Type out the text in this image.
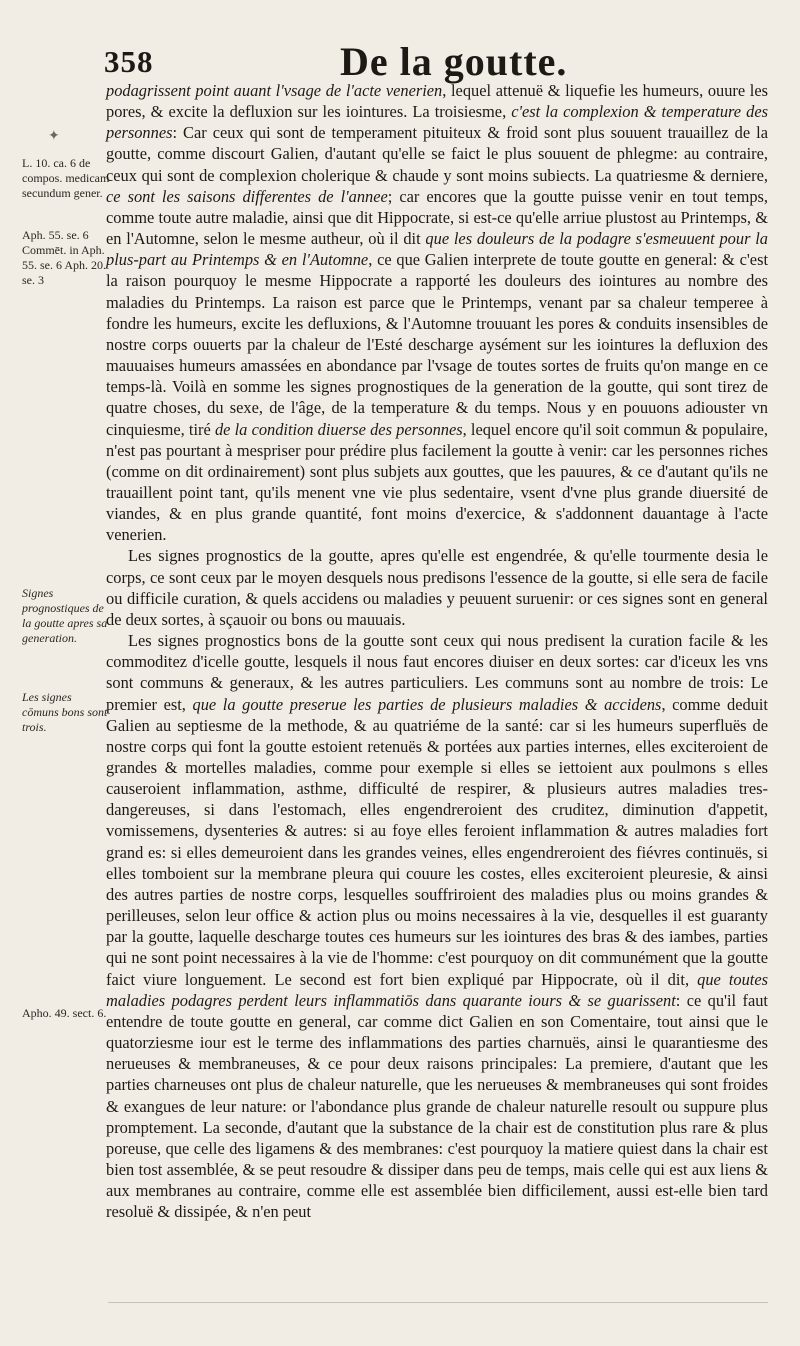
358	De la goutte.
✦
L. 10. ca. 6 de compos. medicam secundum gener.
Aph. 55. se. 6 Commēt. in Aph. 55. se. 6 Aph. 20. se. 3
Signes prognostiques de la goutte apres sa generation.
Les signes cōmuns bons sont trois.
Apho. 49. sect. 6.

podagrissent point auant l'vsage de l'acte venerien, lequel attenuë & liquefie les humeurs, ouure les pores, & excite la defluxion sur les iointures. La troisiesme, c'est la complexion & temperature des personnes: Car ceux qui sont de temperament pituiteux & froid sont plus souuent trauaillez de la goutte, comme discourt Galien, d'autant qu'elle se faict le plus souuent de phlegme: au contraire, ceux qui sont de complexion cholerique & chaude y sont moins subiects. La quatriesme & derniere, ce sont les saisons differentes de l'annee; car encores que la goutte puisse venir en tout temps, comme toute autre maladie, ainsi que dit Hippocrate, si est-ce qu'elle arriue plustost au Printemps, & en l'Automne, selon le mesme autheur, où il dit que les douleurs de la podagre s'esmeuuent pour la plus-part au Printemps & en l'Automne, ce que Galien interprete de toute goutte en general: & c'est la raison pourquoy le mesme Hippocrate a rapporté les douleurs des iointures au nombre des maladies du Printemps. La raison est parce que le Printemps, venant par sa chaleur temperee à fondre les humeurs, excite les defluxions, & l'Automne trouuant les pores & conduits insensibles de nostre corps ouuerts par la chaleur de l'Esté descharge aysément sur les iointures la defluxion des mauuaises humeurs amassées en abondance par l'vsage de toutes sortes de fruits qu'on mange en ce temps-là. Voilà en somme les signes prognostiques de la generation de la goutte, qui sont tirez de quatre choses, du sexe, de l'âge, de la temperature & du temps. Nous y en pouuons adiouster vn cinquiesme, tiré de la condition diuerse des personnes, lequel encore qu'il soit commun & populaire, n'est pas pourtant à mespriser pour prédire plus facilement la goutte à venir: car les personnes riches (comme on dit ordinairement) sont plus subjets aux gouttes, que les pauures, & ce d'autant qu'ils ne trauaillent point tant, qu'ils menent vne vie plus sedentaire, vsent d'vne plus grande diuersité de viandes, & en plus grande quantité, font moins d'exercice, & s'addonnent dauantage à l'acte venerien.

Les signes prognostics de la goutte, apres qu'elle est engendrée, & qu'elle tourmente desia le corps, ce sont ceux par le moyen desquels nous predisons l'essence de la goutte, si elle sera de facile ou difficile curation, & quels accidens ou maladies y peuuent suruenir: or ces signes sont en general de deux sortes, à sçauoir ou bons ou mauuais.

Les signes prognostics bons de la goutte sont ceux qui nous predisent la curation facile & les commoditez d'icelle goutte, lesquels il nous faut encores diuiser en deux sortes: car d'iceux les vns sont communs & generaux, & les autres particuliers. Les communs sont au nombre de trois: Le premier est, que la goutte preserue les parties de plusieurs maladies & accidens, comme deduit Galien au septiesme de la methode, & au quatriéme de la santé: car si les humeurs superfluës de nostre corps qui font la goutte estoient retenuës & portées aux parties internes, elles exciteroient de grandes & mortelles maladies, comme pour exemple si elles se iettoient aux poulmons s elles causeroient inflammation, asthme, difficulté de respirer, & plusieurs autres maladies tres-dangereuses, si dans l'estomach, elles engendreroient des cruditez, diminution d'appetit, vomissemens, dysenteries & autres: si au foye elles feroient inflammation & autres maladies fort grand es: si elles demeuroient dans les grandes veines, elles engendreroient des fiévres continuës, si elles tomboient sur la membrane pleura qui couure les costes, elles exciteroient pleuresie, & ainsi des autres parties de nostre corps, lesquelles souffriroient des maladies plus ou moins grandes & perilleuses, selon leur office & action plus ou moins necessaires à la vie, desquelles il est guaranty par la goutte, laquelle descharge toutes ces humeurs sur les iointures des bras & des iambes, parties qui ne sont point necessaires à la vie de l'homme: c'est pourquoy on dit communément que la goutte faict viure longuement. Le second est fort bien expliqué par Hippocrate, où il dit, que toutes maladies podagres perdent leurs inflammatiōs dans quarante iours & se guarissent: ce qu'il faut entendre de toute goutte en general, car comme dict Galien en son Comentaire, tout ainsi que le quatorziesme iour est le terme des inflammations des parties charnuës, ainsi le quarantiesme des nerueuses & membraneuses, & ce pour deux raisons principales: La premiere, d'autant que les parties charneuses ont plus de chaleur naturelle, que les nerueuses & membraneuses qui sont froides & exangues de leur nature: or l'abondance plus grande de chaleur naturelle resoult ou suppure plus promptement. La seconde, d'autant que la substance de la chair est de constitution plus rare & plus poreuse, que celle des ligamens & des membranes: c'est pourquoy la matiere quiest dans la chair est bien tost assemblée, & se peut resoudre & dissiper dans peu de temps, mais celle qui est aux liens & aux membranes au contraire, comme elle est assemblée bien difficilement, aussi est-elle bien tard resoluë & dissipée, & n'en peut
